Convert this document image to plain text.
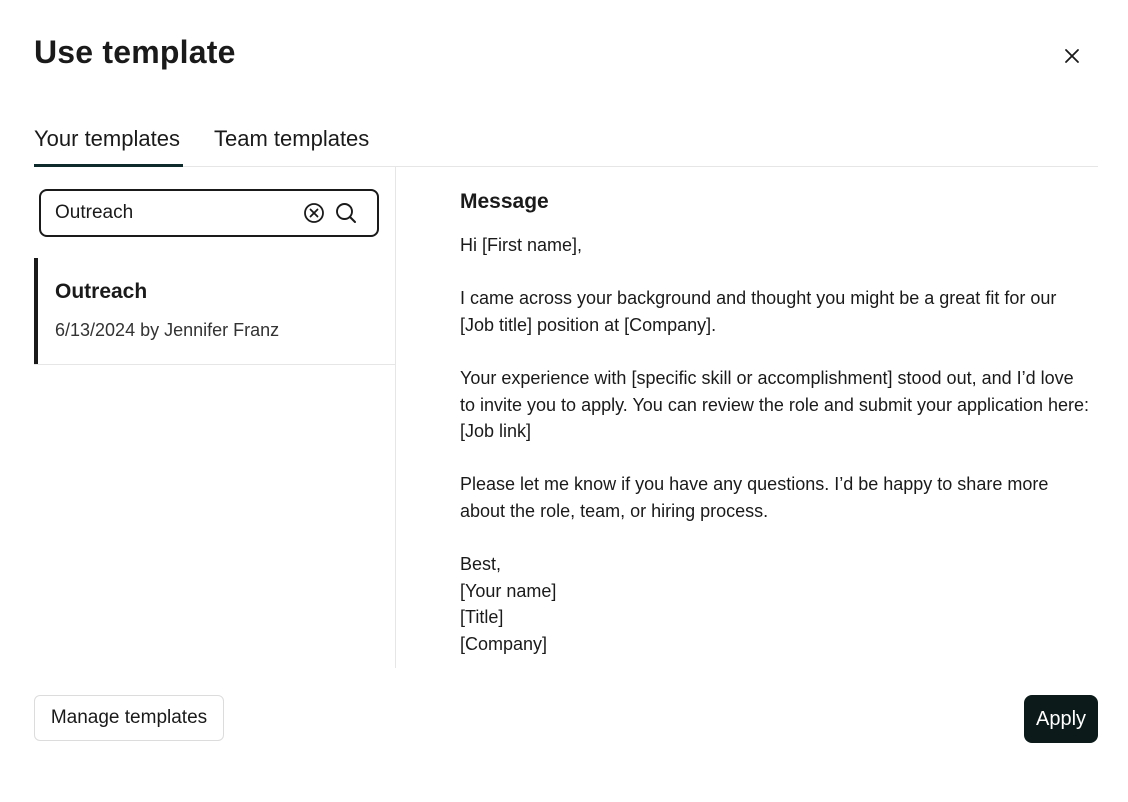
Use template
Your templates Team templates
Outreach
Outreach
6/13/2024 by Jennifer Franz
Message

Hi [First name],

I came across your background and thought you might be a great fit for our [Job title] position at [Company].

Your experience with [specific skill or accomplishment] stood out, and I’d love to invite you to apply. You can review the role and submit your application here: [Job link]

Please let me know if you have any questions. I’d be happy to share more about the role, team, or hiring process.

Best,
[Your name]
[Title]
[Company]

Manage templates	Apply
